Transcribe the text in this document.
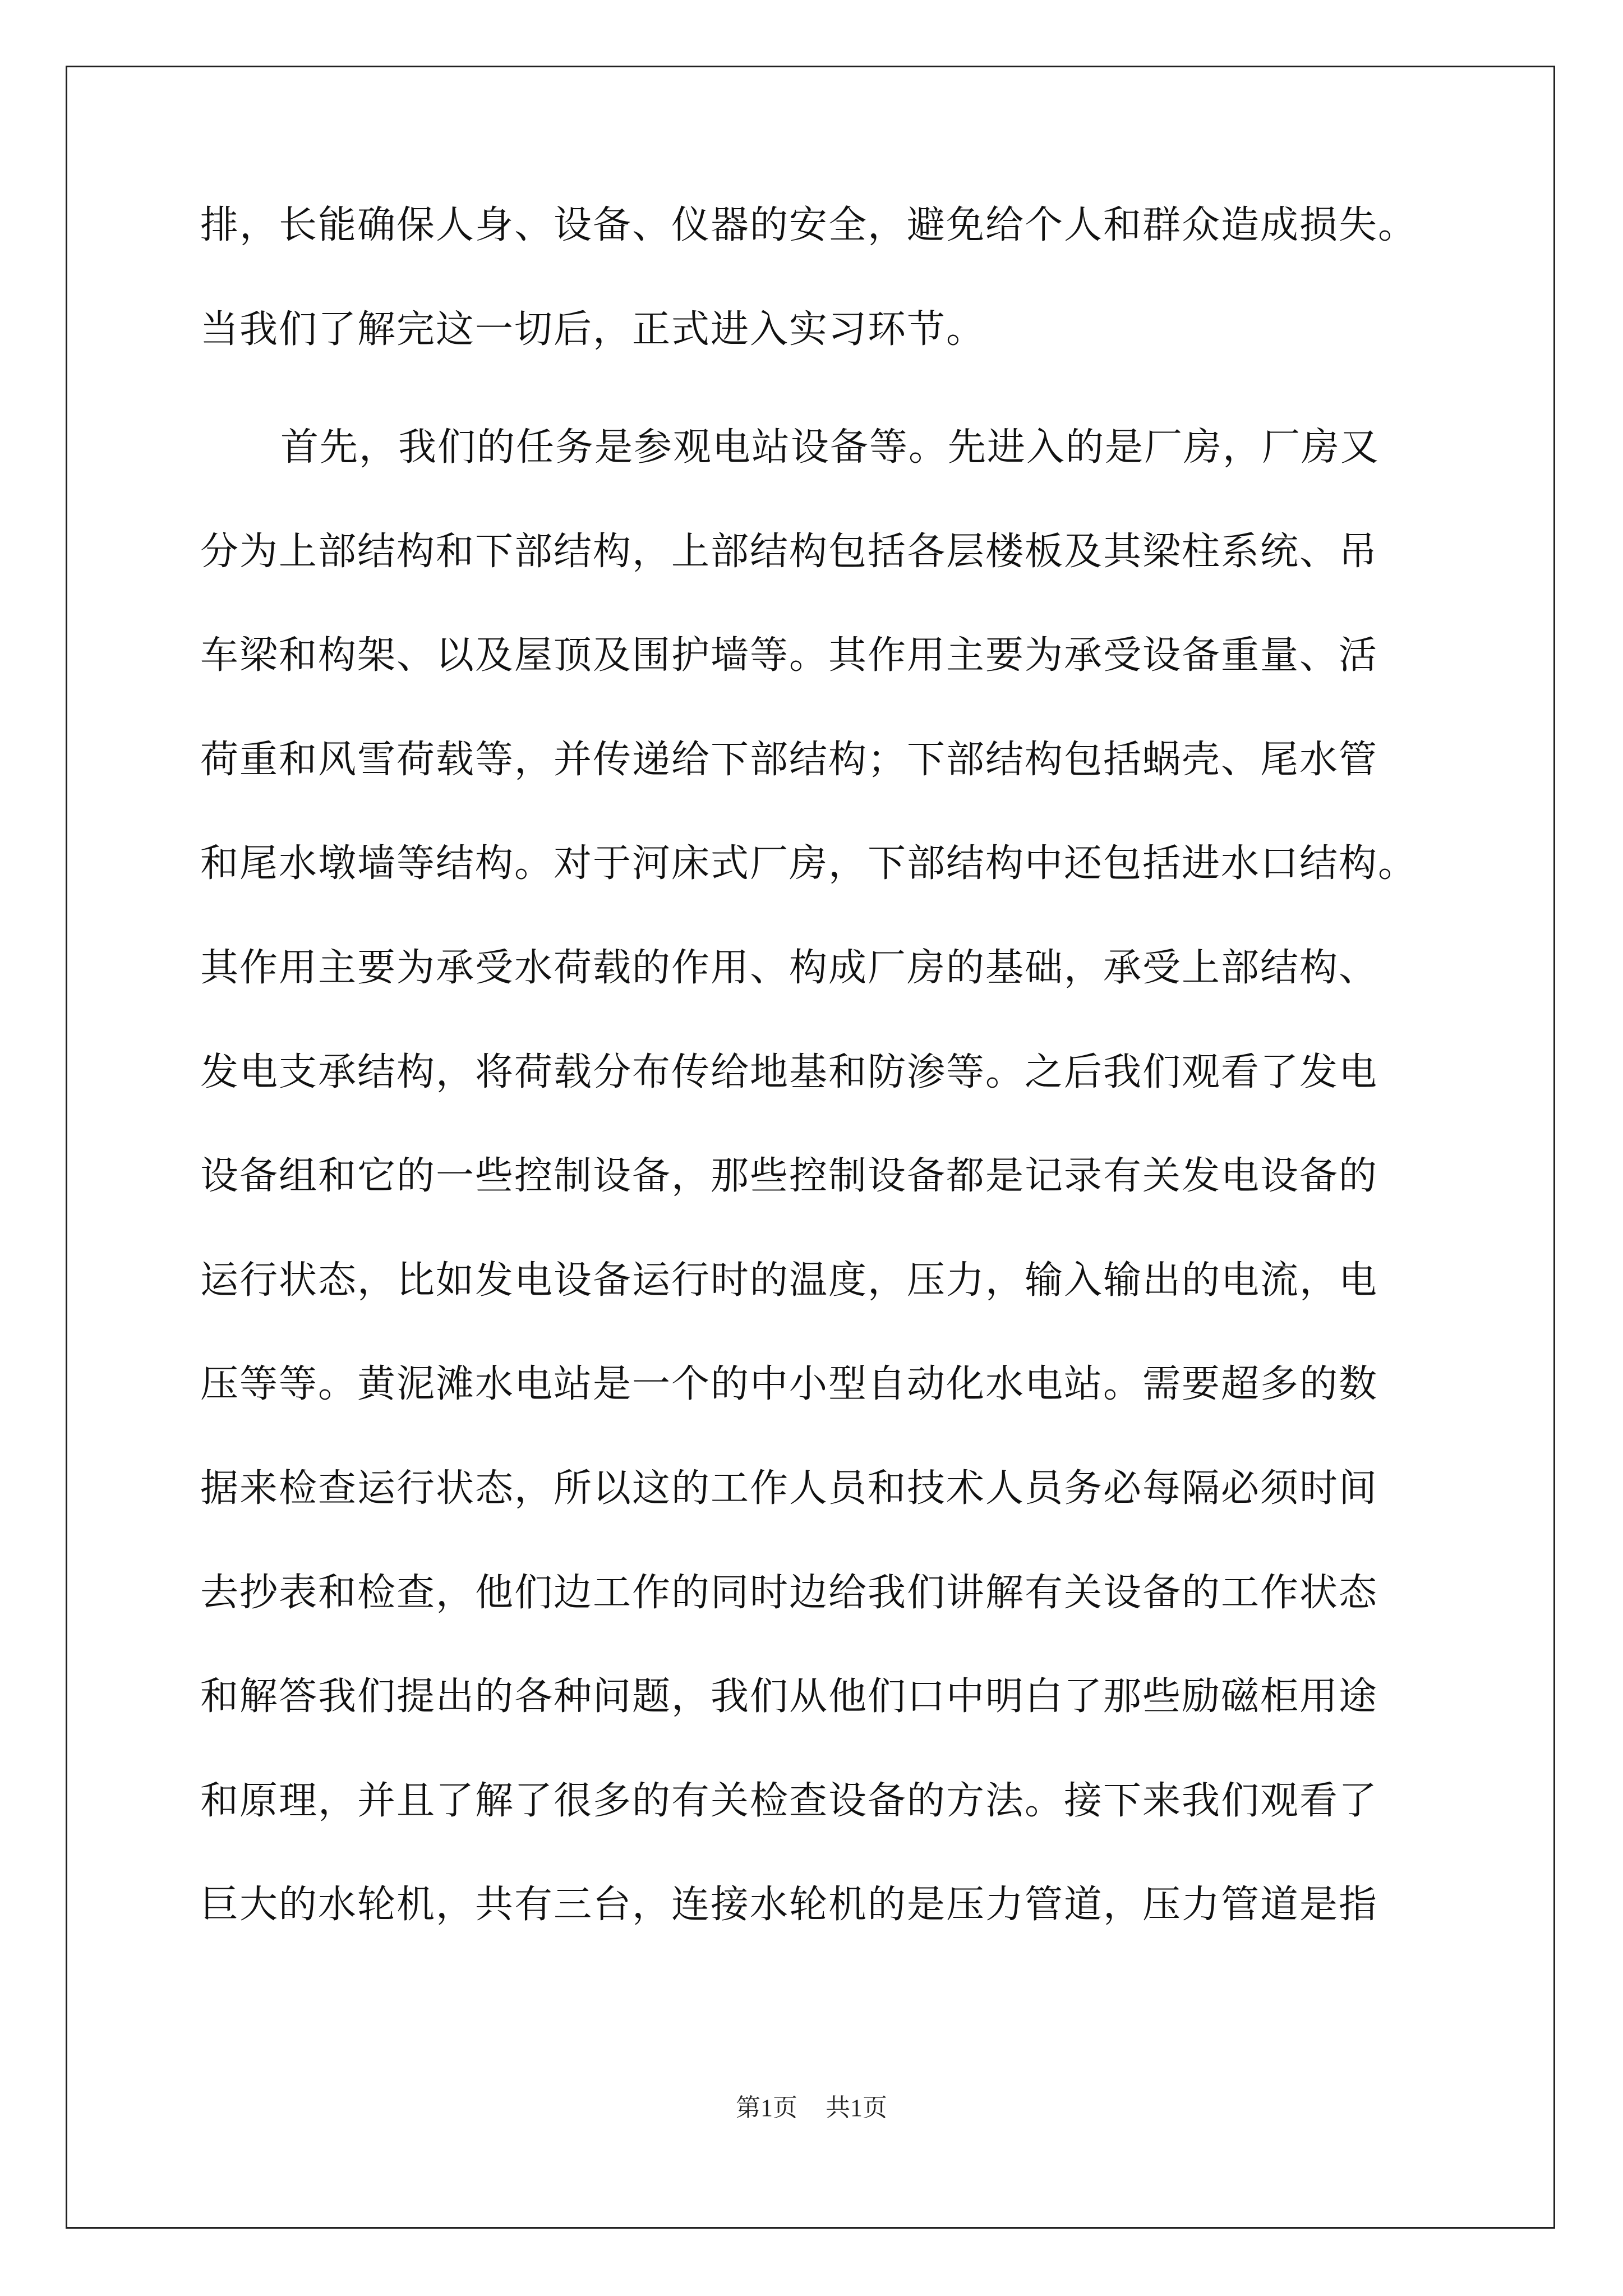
排，长能确保人身、设备、仪器的安全，避免给个人和群众造成损失。
当我们了解完这一切后，正式进入实习环节。
首先，我们的任务是参观电站设备等。先进入的是厂房，厂房又
分为上部结构和下部结构，上部结构包括各层楼板及其梁柱系统、吊
车梁和构架、以及屋顶及围护墙等。其作用主要为承受设备重量、活
荷重和风雪荷载等，并传递给下部结构；下部结构包括蜗壳、尾水管
和尾水墩墙等结构。对于河床式厂房，下部结构中还包括进水口结构。
其作用主要为承受水荷载的作用、构成厂房的基础，承受上部结构、
发电支承结构，将荷载分布传给地基和防渗等。之后我们观看了发电
设备组和它的一些控制设备，那些控制设备都是记录有关发电设备的
运行状态，比如发电设备运行时的温度，压力，输入输出的电流，电
压等等。黄泥滩水电站是一个的中小型自动化水电站。需要超多的数
据来检查运行状态，所以这的工作人员和技术人员务必每隔必须时间
去抄表和检查，他们边工作的同时边给我们讲解有关设备的工作状态
和解答我们提出的各种问题，我们从他们口中明白了那些励磁柜用途
和原理，并且了解了很多的有关检查设备的方法。接下来我们观看了
巨大的水轮机，共有三台，连接水轮机的是压力管道，压力管道是指
第1页 共1页
